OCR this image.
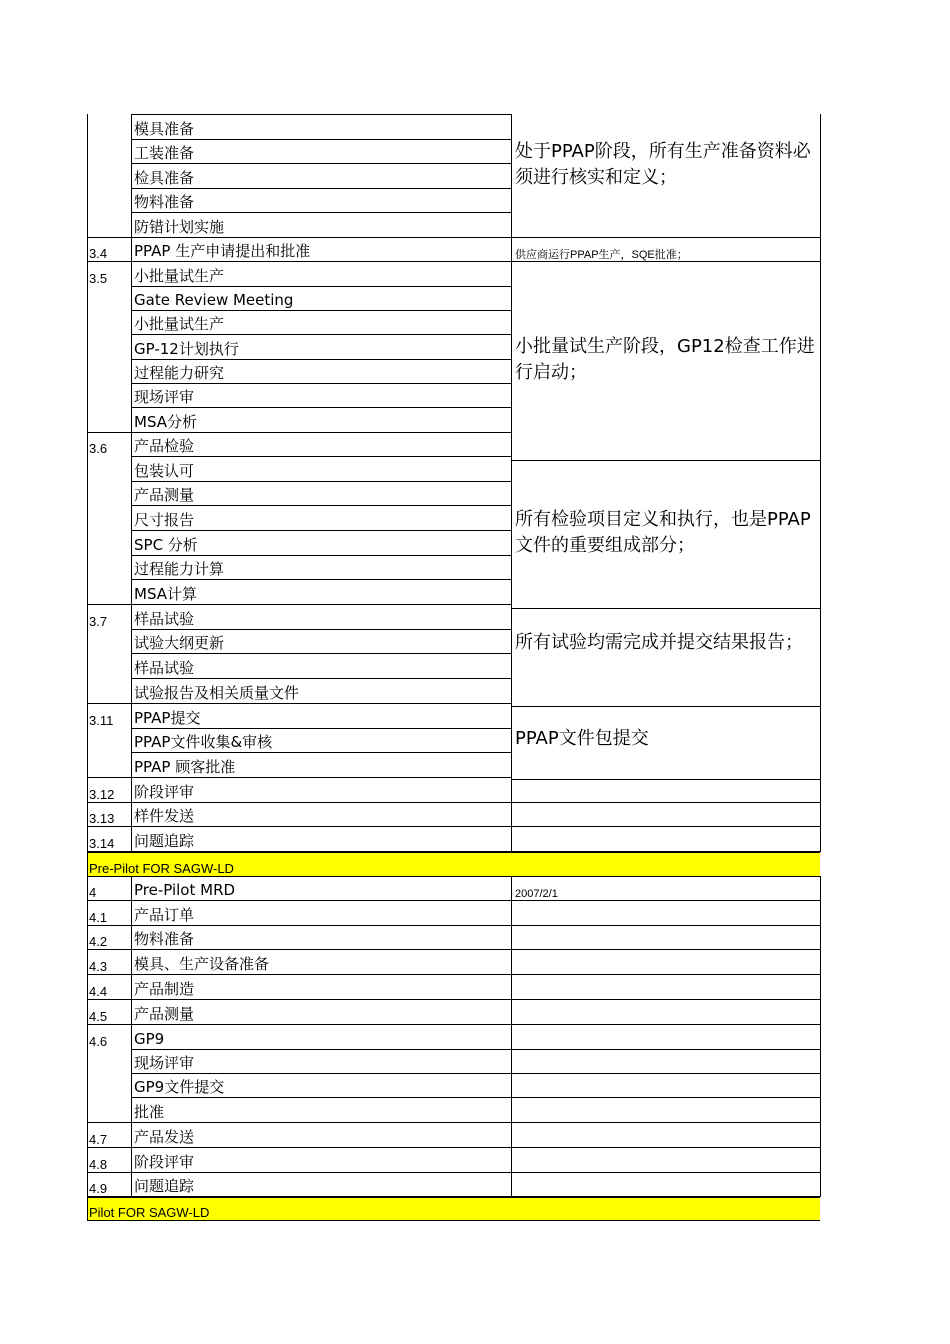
模具准备
工装准备
检具准备
物料准备
防错计划实施
3.4 PPAP 生产申请提出和批准
3.5 小批量试生产
Gate Review Meeting
小批量试生产
GP-12计划执行
过程能力研究
现场评审
MSA分析
3.6 产品检验
包装认可
产品测量
尺寸报告
SPC 分析
过程能力计算
MSA计算
3.7 样品试验
试验大纲更新
样品试验
试验报告及相关质量文件
3.11 PPAP提交
PPAP文件收集&审核
PPAP 顾客批准
3.12 阶段评审
3.13 样件发送
3.14 问题追踪
4	Pre-Pilot MRD
4.1 产品订单
4.2 物料准备
4.3 模具、生产设备准备
4.4 产品制造
4.5 产品测量
4.6 GP9
现场评审
GP9文件提交
批准
4.7 产品发送
4.8 阶段评审
4.9 问题追踪
处于PPAP阶段，所有生产准备资料必须进行核实和定义；
供应商运行PPAP生产，SQE批准；
小批量试生产阶段，GP12检查工作进行启动；
所有检验项目定义和执行，也是PPAP文件的重要组成部分；
所有试验均需完成并提交结果报告；
PPAP文件包提交
2007/2/1
Pre-Pilot FOR SAGW-LD
Pilot FOR SAGW-LD
